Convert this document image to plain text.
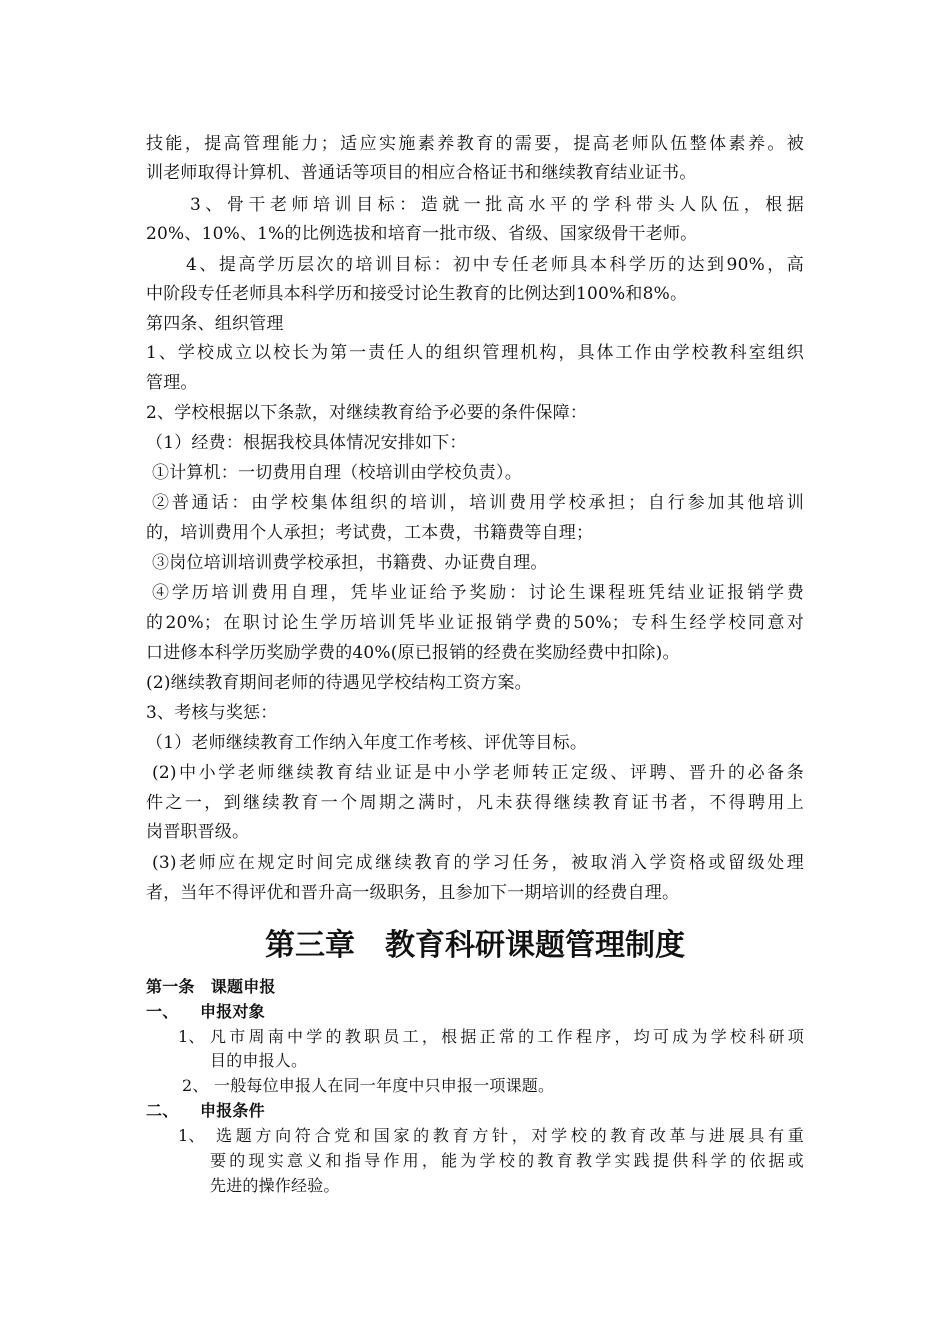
技能，提高管理能力；适应实施素养教育的需要，提高老师队伍整体素养。被
训老师取得计算机、普通话等项目的相应合格证书和继续教育结业证书。
3、骨干老师培训目标：造就一批高水平的学科带头人队伍，根据
20%、10%、1%的比例选拔和培育一批市级、省级、国家级骨干老师。
4、提高学历层次的培训目标：初中专任老师具本科学历的达到90%，高
中阶段专任老师具本科学历和接受讨论生教育的比例达到100%和8%。
第四条、组织管理
1、学校成立以校长为第一责任人的组织管理机构，具体工作由学校教科室组织
管理。
2、学校根据以下条款，对继续教育给予必要的条件保障：
（1）经费：根据我校具体情况安排如下：
①计算机：一切费用自理（校培训由学校负责）。
②普通话：由学校集体组织的培训，培训费用学校承担；自行参加其他培训
的，培训费用个人承担；考试费，工本费，书籍费等自理；
③岗位培训培训费学校承担，书籍费、办证费自理。
④学历培训费用自理，凭毕业证给予奖励：讨论生课程班凭结业证报销学费
的20%；在职讨论生学历培训凭毕业证报销学费的50%；专科生经学校同意对
口进修本科学历奖励学费的40%(原已报销的经费在奖励经费中扣除)。
(2)继续教育期间老师的待遇见学校结构工资方案。
3、考核与奖惩：
（1）老师继续教育工作纳入年度工作考核、评优等目标。
(2)中小学老师继续教育结业证是中小学老师转正定级、评聘、晋升的必备条
件之一，到继续教育一个周期之满时，凡未获得继续教育证书者，不得聘用上
岗晋职晋级。
(3)老师应在规定时间完成继续教育的学习任务，被取消入学资格或留级处理
者，当年不得评优和晋升高一级职务，且参加下一期培训的经费自理。
第三章　教育科研课题管理制度
第一条　课题申报
一、 申报对象
1、 凡市周南中学的教职员工，根据正常的工作程序，均可成为学校科研项
目的申报人。
2、 一般每位申报人在同一年度中只申报一项课题。
二、 申报条件
1、 选题方向符合党和国家的教育方针，对学校的教育改革与进展具有重
要的现实意义和指导作用，能为学校的教育教学实践提供科学的依据或
先进的操作经验。
